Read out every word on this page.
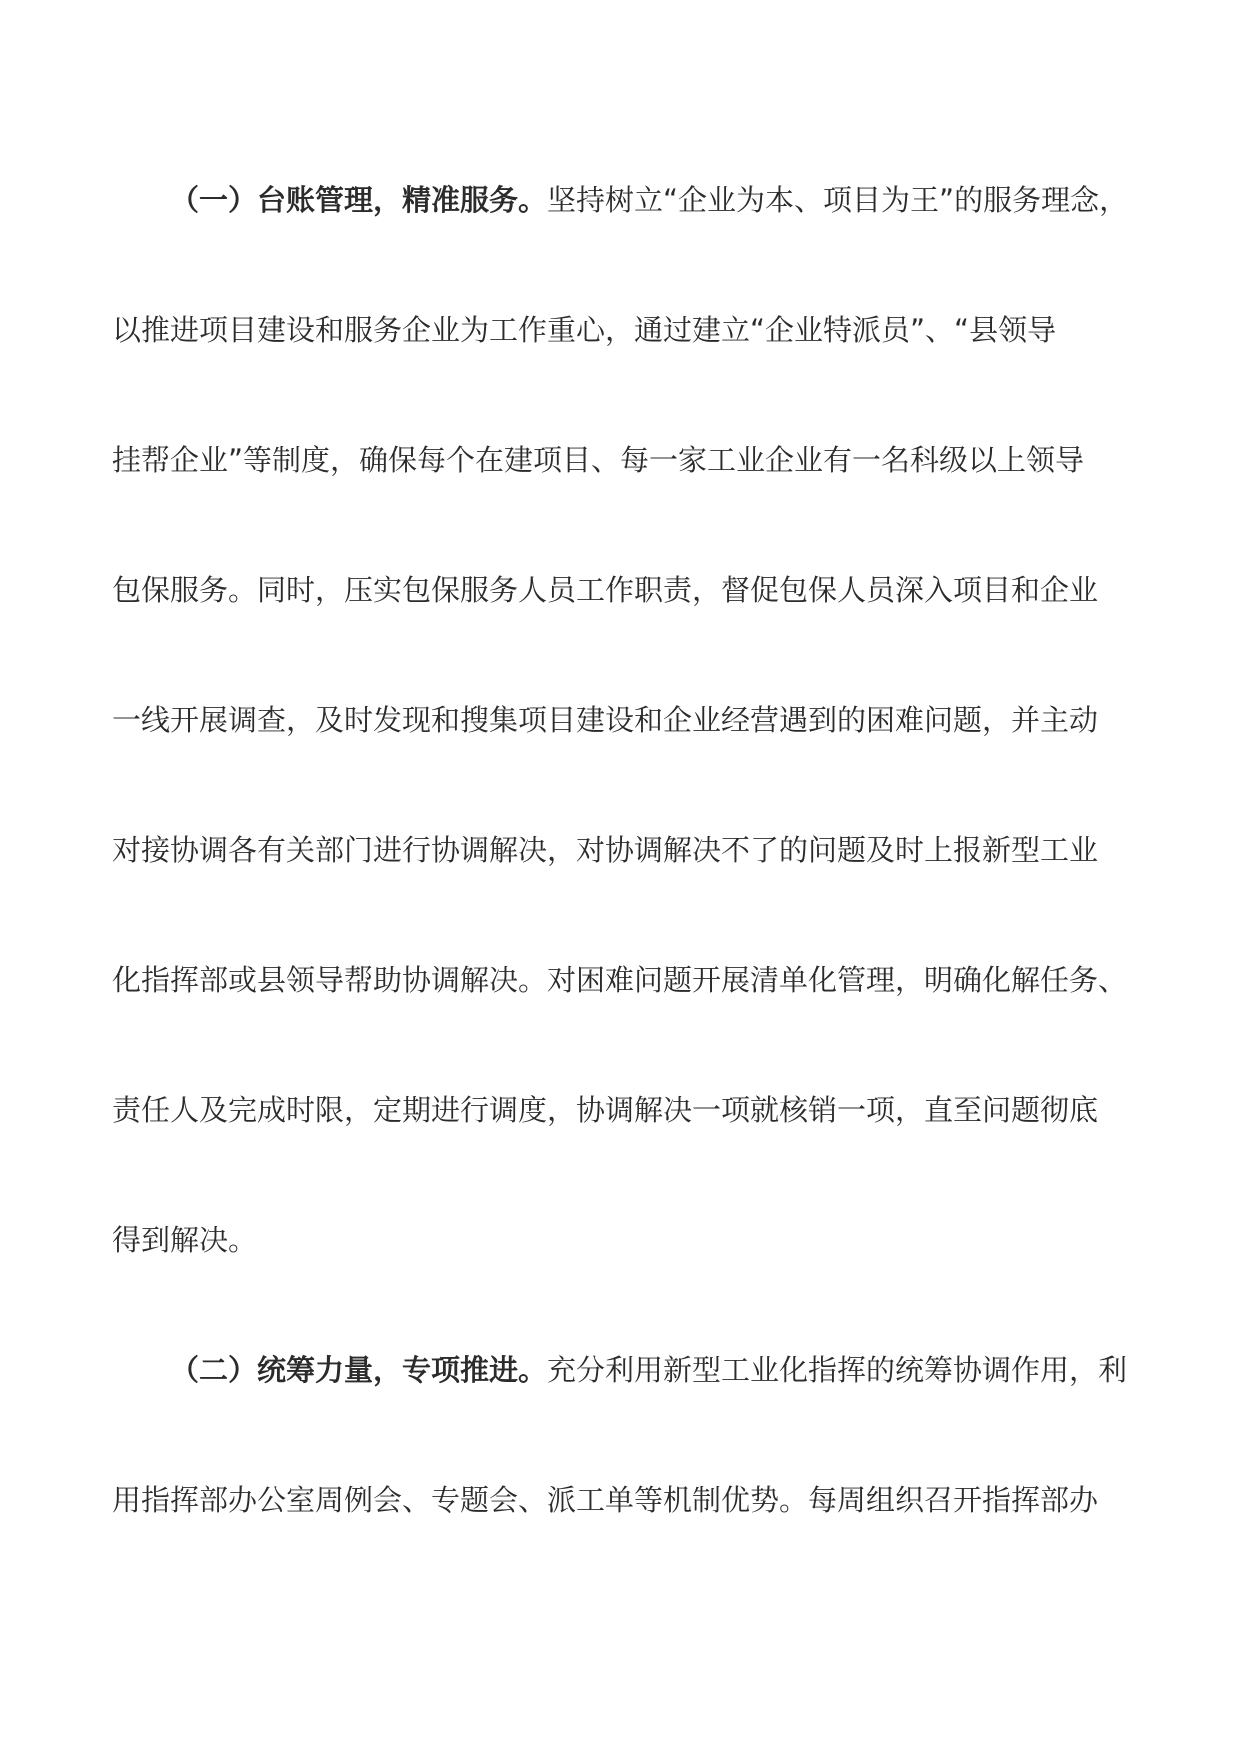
（一）台账管理，精准服务。坚持树立“企业为本、项目为王”的服务理念，
以推进项目建设和服务企业为工作重心，通过建立“企业特派员”、“县领导
挂帮企业”等制度，确保每个在建项目、每一家工业企业有一名科级以上领导
包保服务。同时，压实包保服务人员工作职责，督促包保人员深入项目和企业
一线开展调查，及时发现和搜集项目建设和企业经营遇到的困难问题，并主动
对接协调各有关部门进行协调解决，对协调解决不了的问题及时上报新型工业
化指挥部或县领导帮助协调解决。对困难问题开展清单化管理，明确化解任务、
责任人及完成时限，定期进行调度，协调解决一项就核销一项，直至问题彻底
得到解决。
（二）统筹力量，专项推进。充分利用新型工业化指挥的统筹协调作用，利
用指挥部办公室周例会、专题会、派工单等机制优势。每周组织召开指挥部办
